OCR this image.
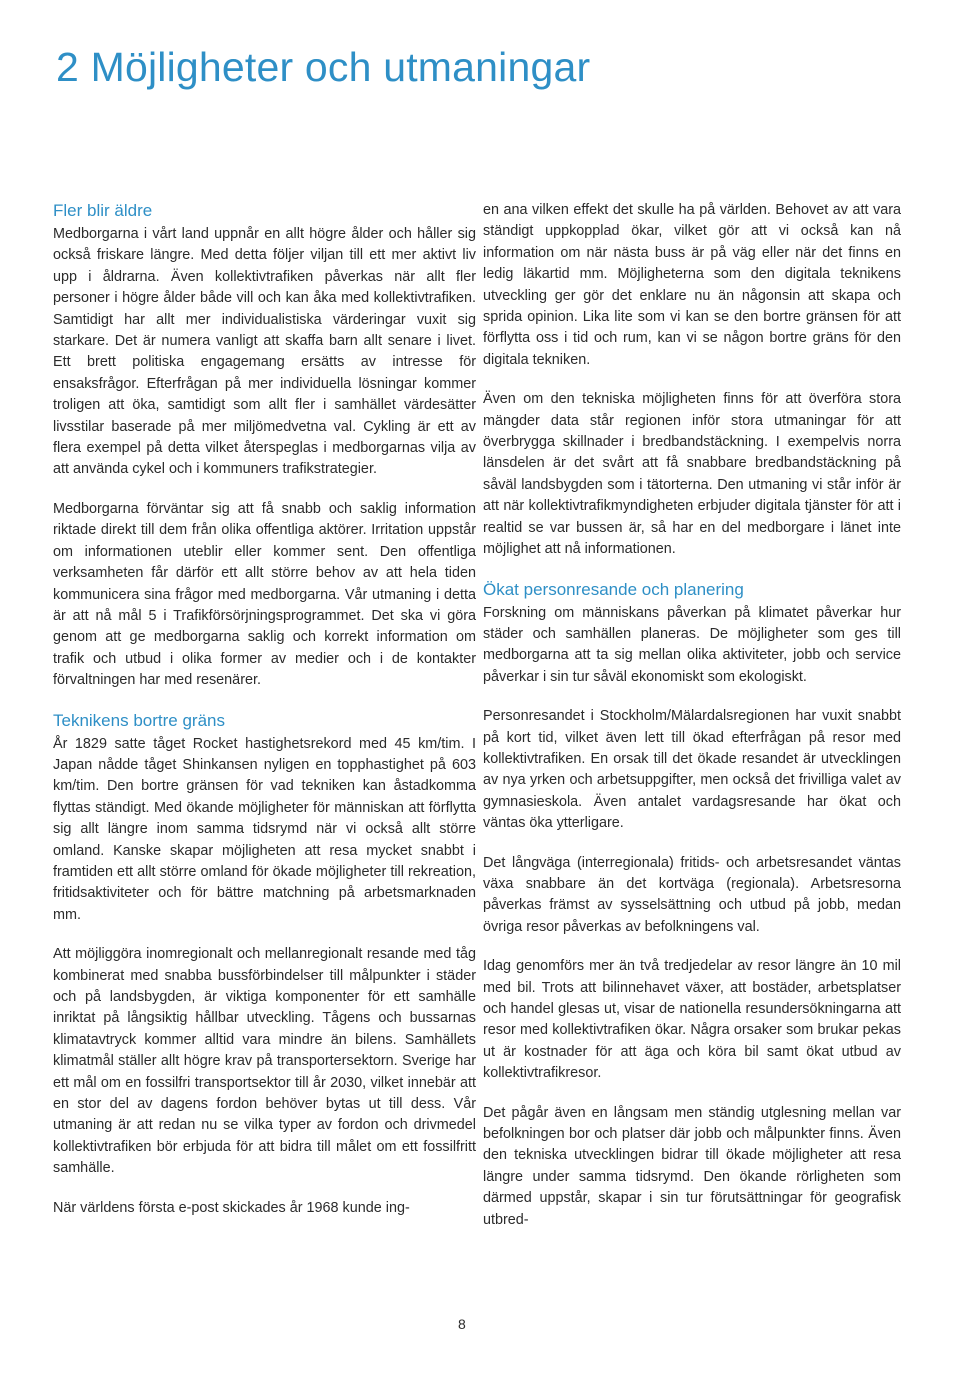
2 Möjligheter och utmaningar
Fler blir äldre

Medborgarna i vårt land uppnår en allt högre ålder och håller sig också friskare längre. Med detta följer viljan till ett mer aktivt liv upp i åldrarna. Även kollektivtrafiken påverkas när allt fler personer i högre ålder både vill och kan åka med kollektivtrafiken. Samtidigt har allt mer individualistiska värderingar vuxit sig starkare. Det är numera vanligt att skaffa barn allt senare i livet. Ett brett politiska engagemang ersätts av intresse för ensaksfrågor. Efterfrågan på mer individuella lösningar kommer troligen att öka, samtidigt som allt fler i samhället värdesätter livsstilar baserade på mer miljömedvetna val. Cykling är ett av flera exempel på detta vilket återspeglas i medborgarnas vilja av att använda cykel och i kommuners trafikstrategier.

Medborgarna förväntar sig att få snabb och saklig information riktade direkt till dem från olika offentliga aktörer. Irritation uppstår om informationen uteblir eller kommer sent. Den offentliga verksamheten får därför ett allt större behov av att hela tiden kommunicera sina frågor med medborgarna. Vår utmaning i detta är att nå mål 5 i Trafikförsörjningsprogrammet. Det ska vi göra genom att ge medborgarna saklig och korrekt information om trafik och utbud i olika former av medier och i de kontakter förvaltningen har med resenärer.

Teknikens bortre gräns

År 1829 satte tåget Rocket hastighetsrekord med 45 km/tim. I Japan nådde tåget Shinkansen nyligen en topphastighet på 603 km/tim. Den bortre gränsen för vad tekniken kan åstadkomma flyttas ständigt. Med ökande möjligheter för människan att förflytta sig allt längre inom samma tidsrymd när vi också allt större omland. Kanske skapar möjligheten att resa mycket snabbt i framtiden ett allt större omland för ökade möjligheter till rekreation, fritidsaktiviteter och för bättre matchning på arbetsmarknaden mm.

Att möjliggöra inomregionalt och mellanregionalt resande med tåg kombinerat med snabba bussförbindelser till målpunkter i städer och på landsbygden, är viktiga komponenter för ett samhälle inriktat på långsiktig hållbar utveckling. Tågens och bussarnas klimatavtryck kommer alltid vara mindre än bilens. Samhällets klimatmål ställer allt högre krav på transportersektorn. Sverige har ett mål om en fossilfri transportsektor till år 2030, vilket innebär att en stor del av dagens fordon behöver bytas ut till dess. Vår utmaning är att redan nu se vilka typer av fordon och drivmedel kollektivtrafiken bör erbjuda för att bidra till målet om ett fossilfritt samhälle.

När världens första e-post skickades år 1968 kunde ing-

en ana vilken effekt det skulle ha på världen. Behovet av att vara ständigt uppkopplad ökar, vilket gör att vi också kan nå information om när nästa buss är på väg eller när det finns en ledig läkartid mm. Möjligheterna som den digitala teknikens utveckling ger gör det enklare nu än någonsin att skapa och sprida opinion. Lika lite som vi kan se den bortre gränsen för att förflytta oss i tid och rum, kan vi se någon bortre gräns för den digitala tekniken.

Även om den tekniska möjligheten finns för att överföra stora mängder data står regionen inför stora utmaningar för att överbrygga skillnader i bredbandstäckning. I exempelvis norra länsdelen är det svårt att få snabbare bredbandstäckning på såväl landsbygden som i tätorterna. Den utmaning vi står inför är att när kollektivtrafikmyndigheten erbjuder digitala tjänster för att i realtid se var bussen är, så har en del medborgare i länet inte möjlighet att nå informationen.

Ökat personresande och planering

Forskning om människans påverkan på klimatet påverkar hur städer och samhällen planeras. De möjligheter som ges till medborgarna att ta sig mellan olika aktiviteter, jobb och service påverkar i sin tur såväl ekonomiskt som ekologiskt.

Personresandet i Stockholm/Mälardalsregionen har vuxit snabbt på kort tid, vilket även lett till ökad efterfrågan på resor med kollektivtrafiken. En orsak till det ökade resandet är utvecklingen av nya yrken och arbetsuppgifter, men också det frivilliga valet av gymnasieskola. Även antalet vardagsresande har ökat och väntas öka ytterligare.

Det långväga (interregionala) fritids- och arbetsresandet väntas växa snabbare än det kortväga (regionala). Arbetsresorna påverkas främst av sysselsättning och utbud på jobb, medan övriga resor påverkas av befolkningens val.

Idag genomförs mer än två tredjedelar av resor längre än 10 mil med bil. Trots att bilinnehavet växer, att bostäder, arbetsplatser och handel glesas ut, visar de nationella resundersökningarna att resor med kollektivtrafiken ökar. Några orsaker som brukar pekas ut är kostnader för att äga och köra bil samt ökat utbud av kollektivtrafikresor.

Det pågår även en långsam men ständig utglesning mellan var befolkningen bor och platser där jobb och målpunkter finns. Även den tekniska utvecklingen bidrar till ökade möjligheter att resa längre under samma tidsrymd. Den ökande rörligheten som därmed uppstår, skapar i sin tur förutsättningar för geografisk utbred-

8
